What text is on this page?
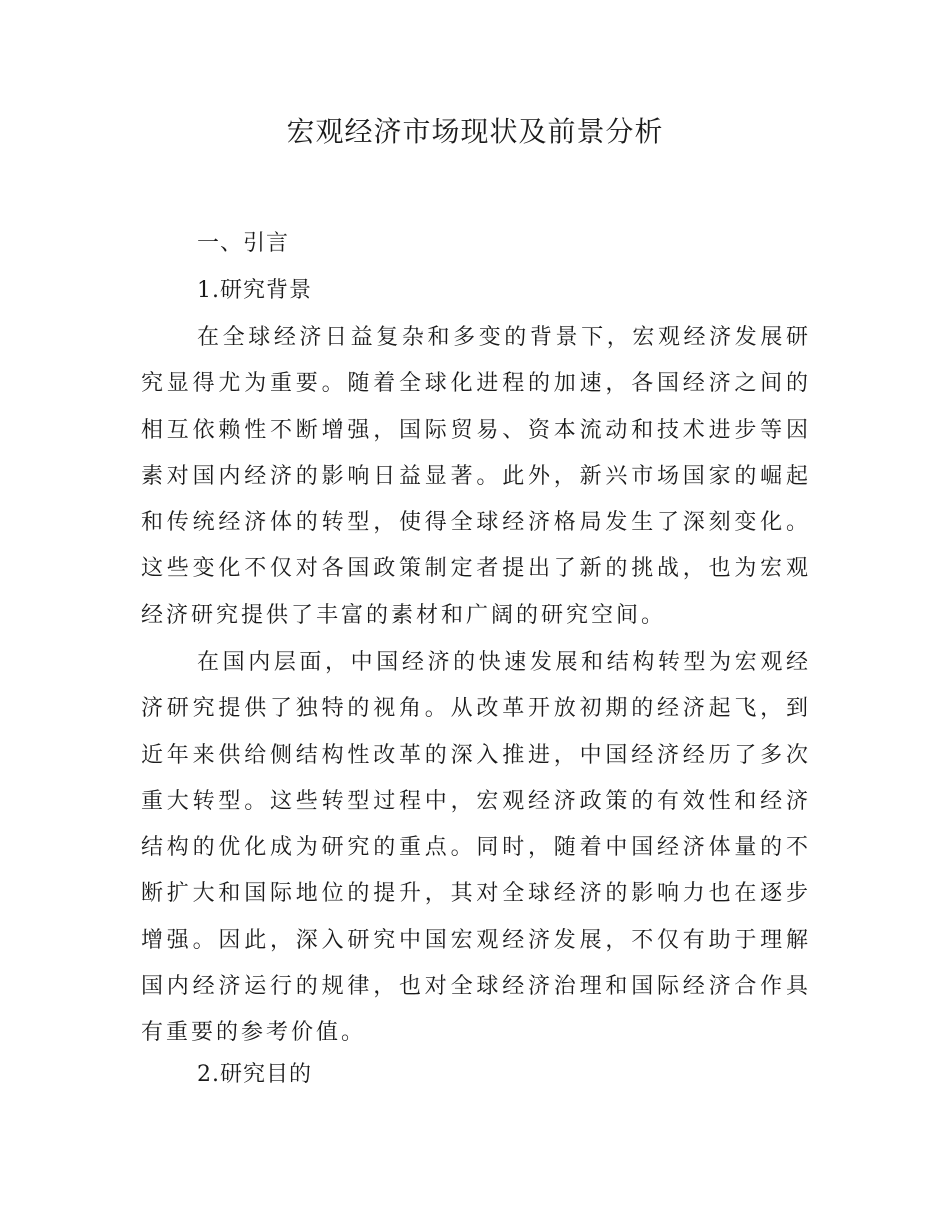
宏观经济市场现状及前景分析
一、引言
1.研究背景

在全球经济日益复杂和多变的背景下，宏观经济发展研究显得尤为重要。随着全球化进程的加速，各国经济之间的相互依赖性不断增强，国际贸易、资本流动和技术进步等因素对国内经济的影响日益显著。此外，新兴市场国家的崛起和传统经济体的转型，使得全球经济格局发生了深刻变化。这些变化不仅对各国政策制定者提出了新的挑战，也为宏观经济研究提供了丰富的素材和广阔的研究空间。

在国内层面，中国经济的快速发展和结构转型为宏观经济研究提供了独特的视角。从改革开放初期的经济起飞，到近年来供给侧结构性改革的深入推进，中国经济经历了多次重大转型。这些转型过程中，宏观经济政策的有效性和经济结构的优化成为研究的重点。同时，随着中国经济体量的不断扩大和国际地位的提升，其对全球经济的影响力也在逐步增强。因此，深入研究中国宏观经济发展，不仅有助于理解国内经济运行的规律，也对全球经济治理和国际经济合作具有重要的参考价值。

2.研究目的
